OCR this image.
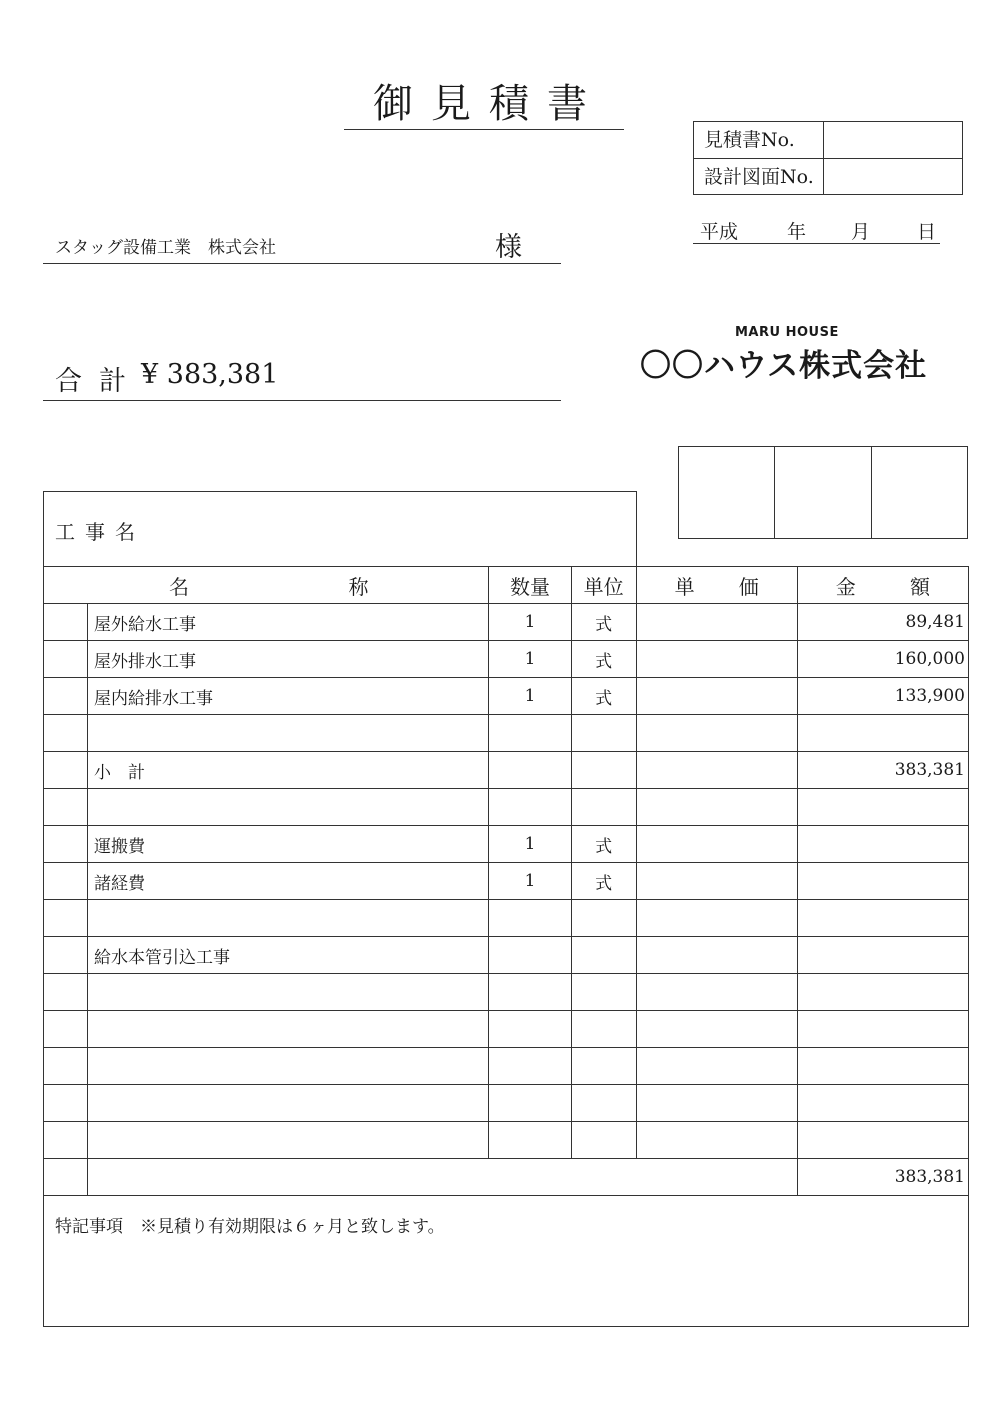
御見積書
見積書No.
設計図面No.
平成	年 月 日
スタッグ設備工業　株式会社	様
合 計 ¥ 383,381
MARU HOUSE
〇〇ハウス株式会社
工事名
名 称		数量	単位	単 価	金 額

	屋外給水工事	1	式		89,481
	屋外排水工事	1	式		160,000
	屋内給排水工事	1	式		133,900

	小　計				383,381

	運搬費	1	式		
	諸経費	1	式		

	給水本管引込工事				

					383,381
特記事項　※見積り有効期限は６ヶ月と致します。
